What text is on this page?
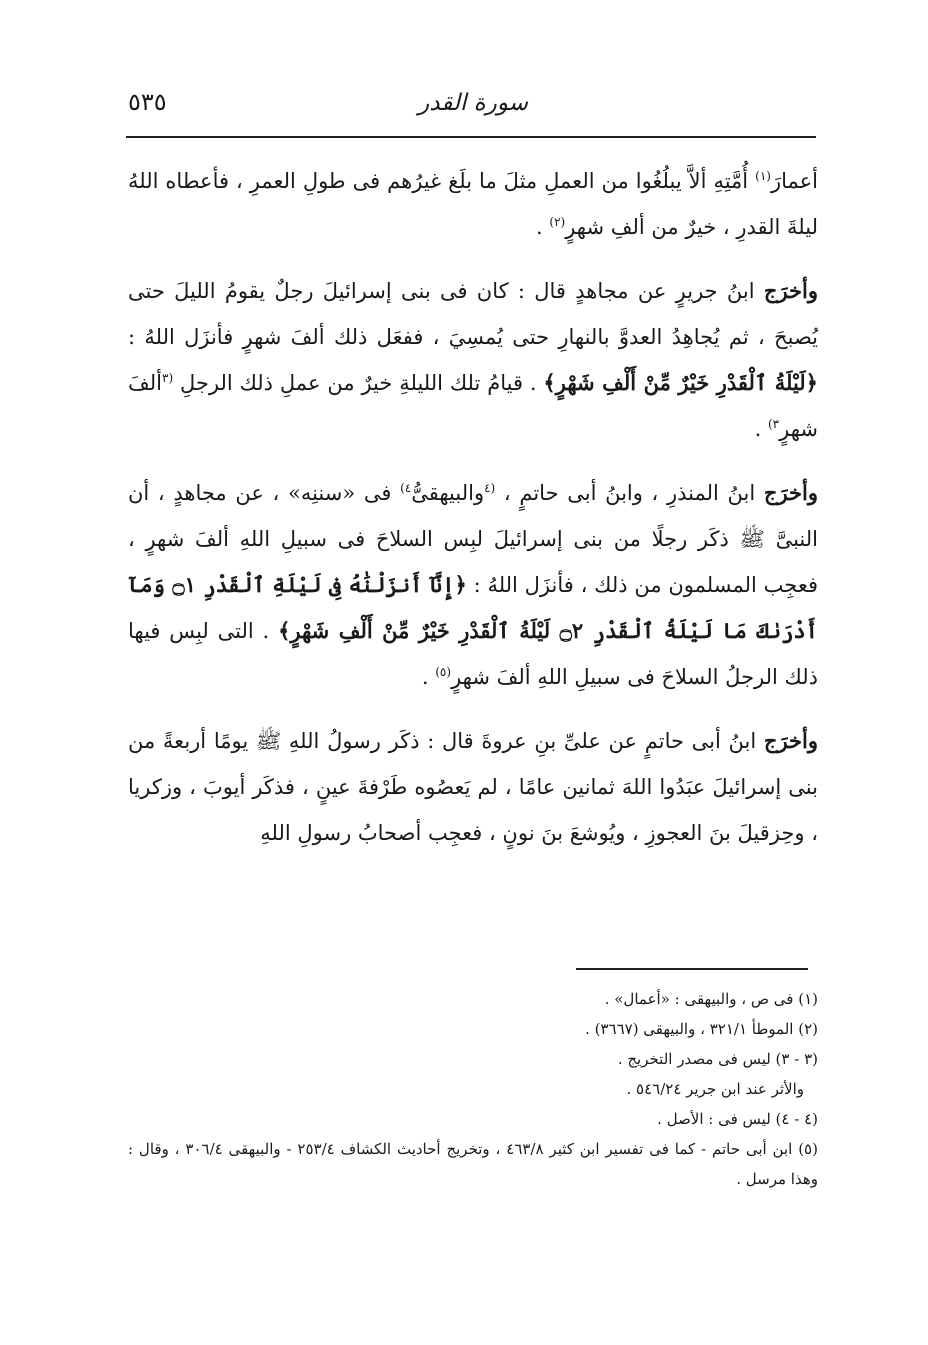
سورة القدر
٥٣٥

أعمارَ$^{(١)}$ أُمَّتِهِ ألاَّ يبلُغُوا من العملِ مثلَ ما بلَغ غيرُهم فى طولِ العمرِ ، فأعطاه اللهُ ليلةَ القدرِ ، خيرٌ من ألفِ شهرٍ$^{(٢)}$ .

وأخرَج ابنُ جريرٍ عن مجاهدٍ قال : كان فى بنى إسرائيلَ رجلٌ يقومُ الليلَ حتى يُصبحَ ، ثم يُجاهِدُ العدوَّ بالنهارِ حتى يُمسِيَ ، ففعَل ذلك ألفَ شهرٍ فأنزَل اللهُ : ﴿لَيْلَةُ ٱلْقَدْرِ خَيْرٌ مِّنْ أَلْفِ شَهْرٍ﴾ . قيامُ تلك الليلةِ خيرٌ من عملِ ذلك الرجلِ $^{(٣}$ألفَ شهرٍ$^{٣)}$ .

وأخرَج ابنُ المنذرِ ، وابنُ أبى حاتمٍ ، $^{(٤}$والبيهقىُّ$^{٤)}$ فى «سننِه» ، عن مجاهدٍ ، أن النبىَّ ﷺ ذكَر رجلًا من بنى إسرائيلَ لبِس السلاحَ فى سبيلِ اللهِ ألفَ شهرٍ ، فعجِب المسلمون من ذلك ، فأنزَل اللهُ : ﴿إِنَّآ أَنزَلْنَٰهُ فِى لَيْلَةِ ٱلْقَدْرِ ۝١ وَمَآ أَدْرَىٰكَ مَا لَيْلَةُ ٱلْقَدْرِ ۝٢ لَيْلَةُ ٱلْقَدْرِ خَيْرٌ مِّنْ أَلْفِ شَهْرٍ﴾ . التى لبِس فيها ذلك الرجلُ السلاحَ فى سبيلِ اللهِ ألفَ شهرٍ$^{(٥)}$ .

وأخرَج ابنُ أبى حاتمٍ عن علىِّ بنِ عروةَ قال : ذكَر رسولُ اللهِ ﷺ يومًا أربعةً من بنى إسرائيلَ عبَدُوا اللهَ ثمانين عامًا ، لم يَعصُوه طَرْفةَ عينٍ ، فذكَر أيوبَ ، وزكريا ، وحِزقيلَ بنَ العجوزِ ، ويُوشعَ بنَ نونٍ ، فعجِب أصحابُ رسولِ اللهِ

(١) فى ص ، والبيهقى : «أعمال» .

(٢) الموطأ ٣٢١/١ ، والبيهقى (٣٦٦٧) .

(٣ - ٣) ليس فى مصدر التخريج .

والأثر عند ابن جرير ٥٤٦/٢٤ .

(٤ - ٤) ليس فى : الأصل .

(٥) ابن أبى حاتم - كما فى تفسير ابن كثير ٤٦٣/٨ ، وتخريج أحاديث الكشاف ٢٥٣/٤ - والبيهقى ٣٠٦/٤ ، وقال : وهذا مرسل .
